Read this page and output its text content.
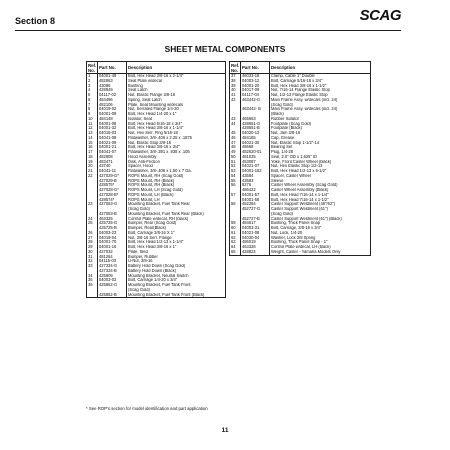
Section 8	SCAG
SHEET METAL COMPONENTS
Ref. No.	Part No.	Description
1	04001-49	Bolt, Hex Head 3/8-16 x 2-1/4"
2	482863	Seat Plate w/decal
3	43086	Bushing
4	428949	Seat Latch
5	04117-02	Nut, Elastic Flange 3/8-16
6	484496	Spring, Seat Latch
7	482106	Plate, Seat Mounting w/decals
8	04019-02	Nut, Serrated Flange 1/4-20
9	04001-09	Bolt, Hex Head 1/4-20 x 1"
10	484148	Isolator, Seat
11	04001-08	Bolt, Hex Head 5/16-18 x 3/4"
12	04001-32	Bolt, Hex Head 3/8-16 x 1-1/4"
13	04016-03	Nut, Hex Serr. Flng 5/16-18
14	04041-08	Flatwasher, 3/8-.406 x 2.25 x .1875
15	04021-09	Nut, Elastic Stop 3/8-16
16	04001-21	Bolt, Hex Head 3/8-16 x 3/4"
17	04041-07	Flatwasher, 3/8-.391 x .938 x .105
18	482808	Hood Assembly
19	483471	Disk, Anti-Friction
20	43740	Spacer, Hood
21	04041-11	Flatwasher, 3/8-.406 x 1.50 x 7 Ga.
22	427029-G*	ROPS Mount, RH (Scag Gold)
	427029-B	ROPS Mount, RH (Black)
	428575*	ROPS Mount, RH (Black)
	427028-G*	ROPS Mount, LH (Scag Gold)
	427028-B*	ROPS Mount, LH (Black)
	428574*	ROPS Mount, LH
23	427063-G	Mounting Bracket, Fuel Tank Rear
		(Scag Gold)
	427063-B	Mounting Bracket, Fuel Tank Rear (Black)
24	463325	Control Plate w/decal, RH (black)
25	425725-G	Bumper, Rear (Scag Gold)
	425725-B	Bumper, Rear(Black)
26	04003-23	Bolt, Carriage 3/8-16 X 1"
27	04019-04	Nut, 3/8-16 Serr. Flange
28	04001-70	Bolt, Hex Head 1/2-13 x 1-1/4"
29	04001-16	Bolt, Hex Head 3/8-16 x 1"
30	427032	Plate, Sled
31	481264	Bumper, Rubber
32	04115-03	U-Nut, 3/8-16
33	427334-G	Battery Hold Down (Scag Gold)
	427334-B	Battery Hold Down (Black)
34	425809	Mounting Bracket, Neutral Switch
35	04003-02	Bolt, Carriage 1/4-20 x 3/4"
36	425862-G	Mounting Bracket, Fuel Tank Front
		(Scag Gold)
	425862-B	Mounting Bracket, Fuel Tank Front (Black)
Ref. No.	Part No.	Description
37	46033-18	Clamp, Cable 1" Double
38	04003-12	Bolt, Carriage 5/16-18 x 3/4"
39	04001-20	Bolt, Hex Head 3/8-16 x 1-1/2"
40	04017-09	Nut, 7/16-14 Flange Elastic Stop
41	04117-04	Nut, 1/2-13 Flange Elastic Stop
42	463442-G	Main Frame Assy. w/decals (incl. 24)
		(Scag Gold)
	463442- B	Main Frame Assy. w/decals (incl. 24)
		(Black)
43	465663	Rubber Isolator
44	428651-G	Footplate (Scag Gold)
	428651-B	Footplate (Black)
45	04020-12	Nut, Jam 3/8-16
46	484165	Cap, Grease
47	04021-30	Nut, Elastic Stop 1-1/2"-14
48	48668	Bearing Set
49	482620-01	Plug, 1/4-28
50	481025	Seal, 2.0" OD x 1.625" ID
51	453087	Yoke, Front Caster Wheel (black)
52	04021-07	Nut, Hex Elastic Stop 1/2-13
53	04001-162	Bolt, Hex Head 1/2-13 x 6-1/2"
54	43584	Spacer, Caster Wheel
55	43583	Sleeve
56	9276	Caster Wheel Assembly (Scag Gold)
	486422	Caster Wheel Assembly (Black)
57	04001-57	Bolt, Hex Head 7/16-14 x 1-1/4"
	04001-58	Bolt, Hex Head 7/16-14 x 1-1/2"
58	452284	Caster Support Weldment (48"/52")
	452727-G	Caster Support Weldment (61")
		(Scag Gold)
	452727-B	Caster Support Weldment (61") (Black)
59	484617	Bushing, Thick Panel Snap
60	04003-31	Bolt, Carriage, 3/8-16 x 3/4"
61	04021-08	Nut, Lock, 1/4-20
62	04030-04	Washer, Lock 3/8 Spring
63	486019	Bushing, Thick Panel Snap - 1"
64	463326	Control Plate w/decal, LH (black)
65	428824	Weight, Caster - Yamaha Models Only
* See ROP's section for model identification and part application
11
